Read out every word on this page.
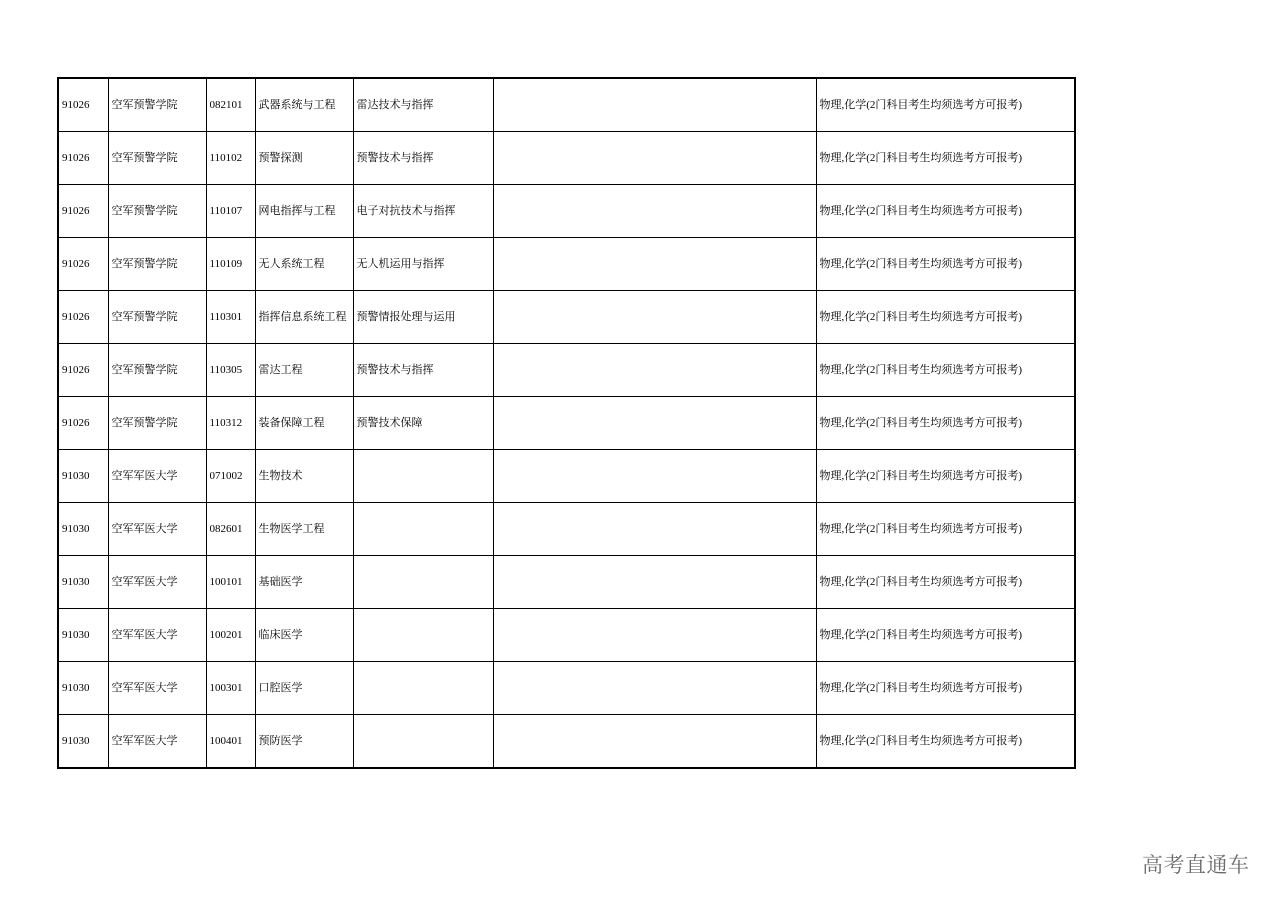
91026	空军预警学院	082101	武器系统与工程	雷达技术与指挥		物理,化学(2门科目考生均须选考方可报考)
91026	空军预警学院	110102	预警探测	预警技术与指挥		物理,化学(2门科目考生均须选考方可报考)
91026	空军预警学院	110107	网电指挥与工程	电子对抗技术与指挥		物理,化学(2门科目考生均须选考方可报考)
91026	空军预警学院	110109	无人系统工程	无人机运用与指挥		物理,化学(2门科目考生均须选考方可报考)
91026	空军预警学院	110301	指挥信息系统工程	预警情报处理与运用		物理,化学(2门科目考生均须选考方可报考)
91026	空军预警学院	110305	雷达工程	预警技术与指挥		物理,化学(2门科目考生均须选考方可报考)
91026	空军预警学院	110312	装备保障工程	预警技术保障		物理,化学(2门科目考生均须选考方可报考)
91030	空军军医大学	071002	生物技术			物理,化学(2门科目考生均须选考方可报考)
91030	空军军医大学	082601	生物医学工程			物理,化学(2门科目考生均须选考方可报考)
91030	空军军医大学	100101	基础医学			物理,化学(2门科目考生均须选考方可报考)
91030	空军军医大学	100201	临床医学			物理,化学(2门科目考生均须选考方可报考)
91030	空军军医大学	100301	口腔医学			物理,化学(2门科目考生均须选考方可报考)
91030	空军军医大学	100401	预防医学			物理,化学(2门科目考生均须选考方可报考)
高考直通车
